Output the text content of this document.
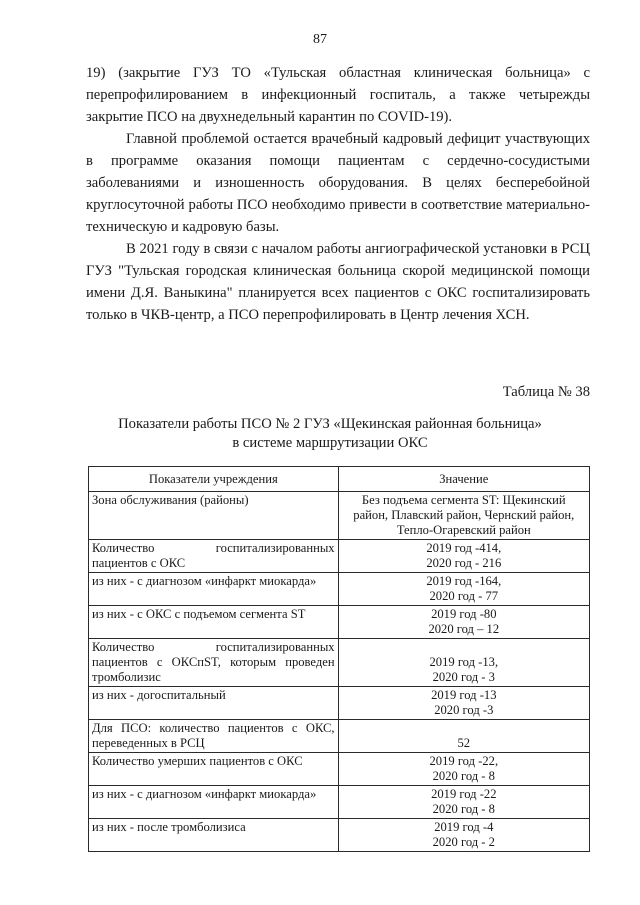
87

19) (закрытие ГУЗ ТО «Тульская областная клиническая больница» с перепрофилированием в инфекционный госпиталь, а также четырежды закрытие ПСО на двухнедельный карантин по COVID-19).

Главной проблемой остается врачебный кадровый дефицит участвующих в программе оказания помощи пациентам с сердечно-сосудистыми заболеваниями и изношенность оборудования. В целях бесперебойной круглосуточной работы ПСО необходимо привести в соответствие материально- техническую и кадровую базы.

В 2021 году в связи с началом работы ангиографической установки в РСЦ ГУЗ "Тульская городская клиническая больница скорой медицинской помощи имени Д.Я. Ваныкина" планируется всех пациентов с ОКС госпитализировать только в ЧКВ-центр, а ПСО перепрофилировать в Центр лечения ХСН.

Таблица № 38
Показатели работы ПСО № 2 ГУЗ «Щекинская районная больница»
в системе маршрутизации ОКС
Показатели учреждения	Значение
Зона обслуживания (районы)	Без подъема сегмента ST: Щекинский
район, Плавский район, Чернский район,
Тепло-Огаревский район

Количество госпитализированных пациентов с ОКС	2019 год -414,
2020 год - 216

из них - с диагнозом «инфаркт миокарда»	2019 год -164,
2020 год - 77

из них - с ОКС с подъемом сегмента ST	2019 год -80
2020 год – 12

Количество госпитализированных пациентов с ОКСпST, которым проведен тромболизис	2019 год -13,
2020 год - 3

из них - догоспитальный	2019 год -13
2020 год -3

Для ПСО: количество пациентов с ОКС, переведенных в РСЦ	52

Количество умерших пациентов с ОКС	2019 год -22,
2020 год - 8

из них - с диагнозом «инфаркт миокарда»	2019 год -22
2020 год - 8

из них - после тромболизиса	2019 год -4
2020 год - 2
